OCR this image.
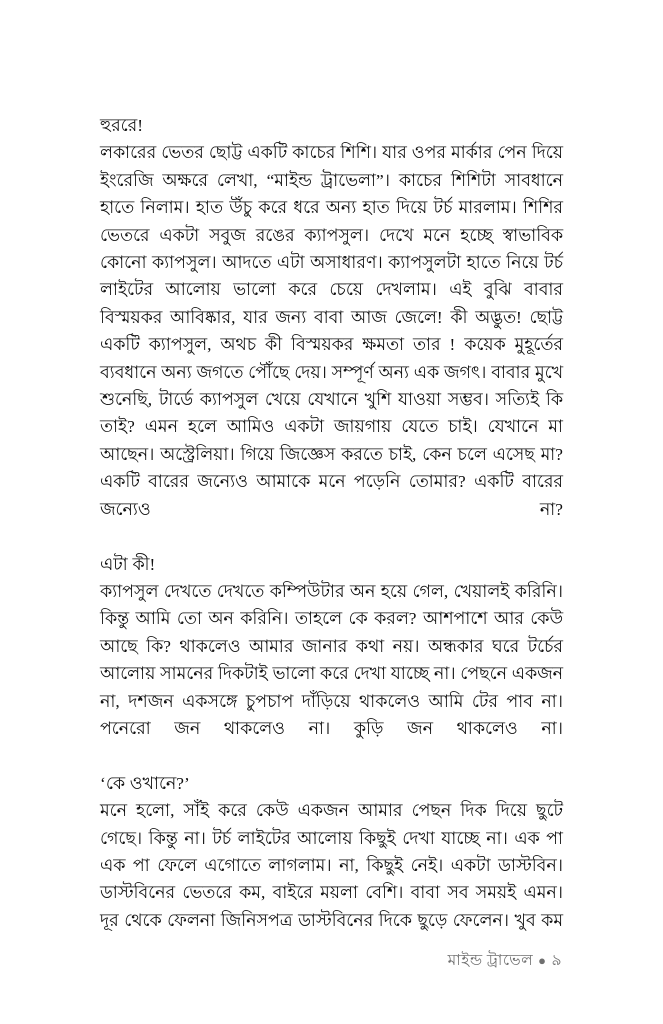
হুররে!

লকারের ভেতর ছোট্ট একটি কাচের শিশি। যার ওপর মার্কার পেন দিয়ে ইংরেজি অক্ষরে লেখা, “মাইন্ড ট্রাভেলা”। কাচের শিশিটা সাবধানে হাতে নিলাম। হাত উঁচু করে ধরে অন্য হাত দিয়ে টর্চ মারলাম। শিশির ভেতরে একটা সবুজ রঙের ক্যাপসুল। দেখে মনে হচ্ছে স্বাভাবিক কোনো ক্যাপসুল। আদতে এটা অসাধারণ। ক্যাপসুলটা হাতে নিয়ে টর্চ লাইটের আলোয় ভালো করে চেয়ে দেখলাম। এই বুঝি বাবার বিস্ময়কর আবিষ্কার, যার জন্য বাবা আজ জেলে! কী অদ্ভুত! ছোট্ট একটি ক্যাপসুল, অথচ কী বিস্ময়কর ক্ষমতা তার ! কয়েক মুহূর্তের ব্যবধানে অন্য জগতে পৌঁছে দেয়। সম্পূর্ণ অন্য এক জগৎ। বাবার মুখে শুনেছি, টার্ডে ক্যাপসুল খেয়ে যেখানে খুশি যাওয়া সম্ভব। সত্যিই কি তাই? এমন হলে আমিও একটা জায়গায় যেতে চাই। যেখানে মা আছেন। অস্ট্রেলিয়া। গিয়ে জিজ্ঞেস করতে চাই, কেন চলে এসেছ মা? একটি বারের জন্যেও আমাকে মনে পড়েনি তোমার? একটি বারের জন্যেও না?

এটা কী!

ক্যাপসুল দেখতে দেখতে কম্পিউটার অন হয়ে গেল, খেয়ালই করিনি। কিন্তু আমি তো অন করিনি। তাহলে কে করল? আশপাশে আর কেউ আছে কি? থাকলেও আমার জানার কথা নয়। অন্ধকার ঘরে টর্চের আলোয় সামনের দিকটাই ভালো করে দেখা যাচ্ছে না। পেছনে একজন না, দশজন একসঙ্গে চুপচাপ দাঁড়িয়ে থাকলেও আমি টের পাব না। পনেরো জন থাকলেও না। কুড়ি জন থাকলেও না।

‘কে ওখানে?’

মনে হলো, সাঁই করে কেউ একজন আমার পেছন দিক দিয়ে ছুটে গেছে। কিন্তু না। টর্চ লাইটের আলোয় কিছুই দেখা যাচ্ছে না। এক পা এক পা ফেলে এগোতে লাগলাম। না, কিছুই নেই। একটা ডাস্টবিন। ডাস্টবিনের ভেতরে কম, বাইরে ময়লা বেশি। বাবা সব সময়ই এমন। দূর থেকে ফেলনা জিনিসপত্র ডাস্টবিনের দিকে ছুড়ে ফেলেন। খুব কম

মাইন্ড ট্রাভেল ● ৯
